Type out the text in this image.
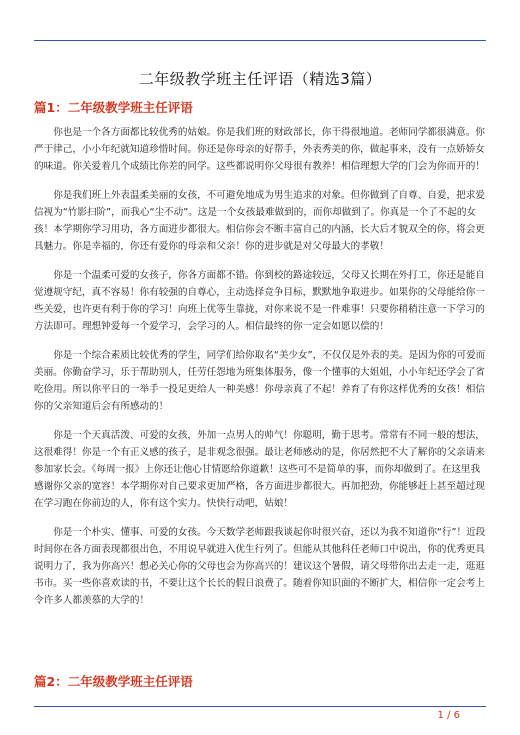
二年级教学班主任评语（精选3篇）
篇1：二年级教学班主任评语

你也是一个各方面都比较优秀的姑娘。你是我们班的财政部长，你干得很地道。老师同学都很满意。你严于律己，小小年纪就知道珍惜时间。你还是你母亲的好帮手，外表秀美的你，做起事来，没有一点娇娇女的味道。你关爱着几个成绩比你差的同学。这些都说明你父母很有教养！相信理想大学的门会为你而开的！

你是我们班上外表温柔美丽的女孩，不可避免地成为男生追求的对象。但你做到了自尊、自爱，把求爱信视为“竹影扫阶”，而我心“尘不动”。这是一个女孩最难做到的，而你却做到了。你真是一个了不起的女孩！本学期你学习用功，各方面进步都很大。相信你会不断丰富自己的内涵，长大后才貌双全的你，将会更具魅力。你是幸福的，你还有爱你的母亲和父亲！你的进步就是对父母最大的孝敬！

你是一个温柔可爱的女孩子，你各方面都不错。你到校的路途较远，父母又长期在外打工，你还是能自觉遵规守纪，真不容易！你有较强的自尊心，主动选择竞争目标，默默地争取进步。如果你的父母能给你一些关爱，也许更有利于你的学习！向班上优等生靠拢，对你来说不是一件难事！只要你稍稍注意一下学习的方法即可。理想钟爱每一个爱学习，会学习的人。相信最终的你一定会如愿以偿的！

你是一个综合素质比较优秀的学生，同学们给你取名“美少女”，不仅仅是外表的美。是因为你的可爱而美丽。你勤奋学习，乐于帮助别人，任劳任怨地为班集体服务，像一个懂事的大姐姐，小小年纪还学会了省吃俭用。所以你平日的一举手一投足更给人一种美感！你母亲真了不起！养育了有你这样优秀的女孩！相信你的父亲知道后会有所感动的！

你是一个天真活泼、可爱的女孩，外加一点男人的帅气！你聪明，勤于思考。常常有不同一般的想法，这很难得！你是一个有正义感的孩子，是非观念很强。最让老师感动的是，你居然把不大了解你的父亲请来参加家长会。《每周一报》上你还让他心甘情愿给你道歉！这些可不是简单的事，而你却做到了。在这里我感谢你父亲的宽容！本学期你对自己要求更加严格，各方面进步都很大。再加把劲，你能够赶上甚至超过现在学习跑在你前边的人，你有这个实力。快快行动吧，姑娘！

你是一个朴实、懂事、可爱的女孩。今天数学老师跟我谈起你时很兴奋，还以为我不知道你“行”！近段时间你在各方面表现都很出色，不用说早就进入优生行列了。但能从其他科任老师口中说出，你的优秀更具说明力了，我为你高兴！想必关心你的父母也会为你高兴的！建议这个暑假，请父母带你出去走一走，逛逛书市。买一些你喜欢读的书，不要让这个长长的假日浪费了。随着你知识面的不断扩大，相信你一定会考上令许多人都羡慕的大学的！

篇2：二年级教学班主任评语
1 / 6
